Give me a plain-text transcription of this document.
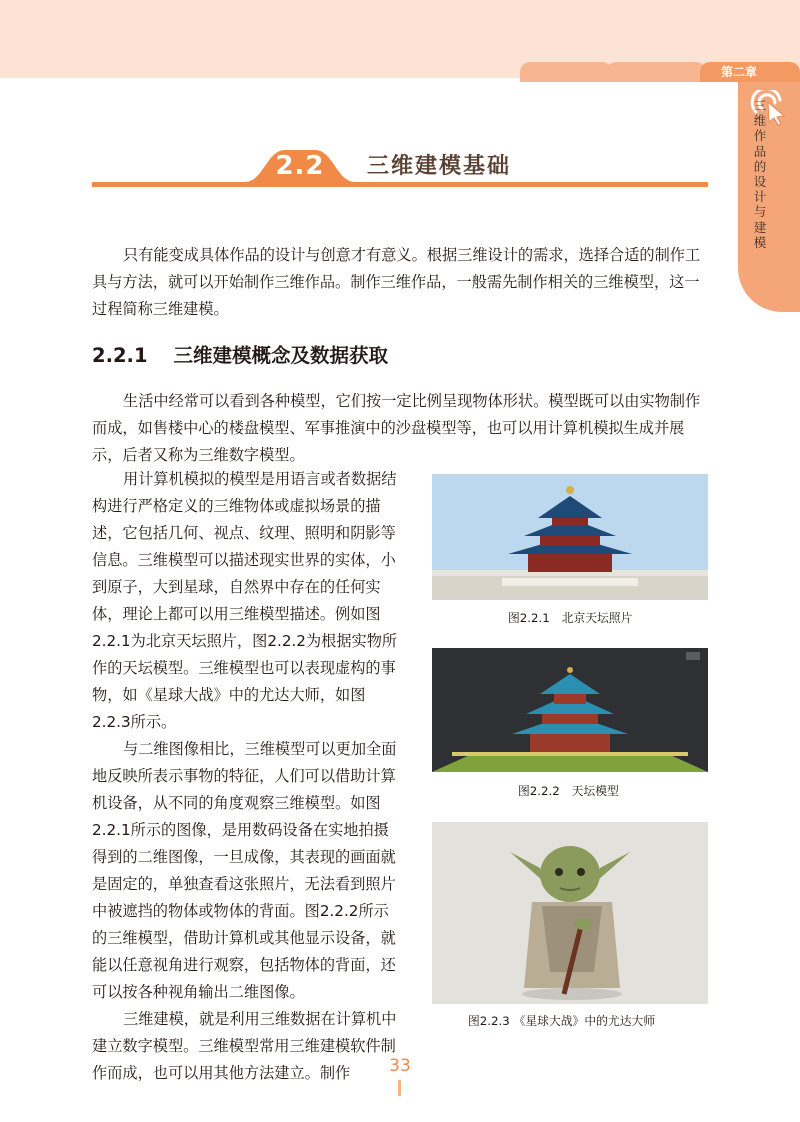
第二章
三维作品的设计与建模
2.2 三维建模基础

只有能变成具体作品的设计与创意才有意义。根据三维设计的需求，选择合适的制作工具与方法，就可以开始制作三维作品。制作三维作品，一般需先制作相关的三维模型，这一过程简称三维建模。

2.2.1 三维建模概念及数据获取

生活中经常可以看到各种模型，它们按一定比例呈现物体形状。模型既可以由实物制作而成，如售楼中心的楼盘模型、军事推演中的沙盘模型等，也可以用计算机模拟生成并展示，后者又称为三维数字模型。

用计算机模拟的模型是用语言或者数据结构进行严格定义的三维物体或虚拟场景的描述，它包括几何、视点、纹理、照明和阴影等信息。三维模型可以描述现实世界的实体，小到原子，大到星球，自然界中存在的任何实体，理论上都可以用三维模型描述。例如图2.2.1为北京天坛照片，图2.2.2为根据实物所作的天坛模型。三维模型也可以表现虚构的事物，如《星球大战》中的尤达大师，如图2.2.3所示。

与二维图像相比，三维模型可以更加全面地反映所表示事物的特征，人们可以借助计算机设备，从不同的角度观察三维模型。如图2.2.1所示的图像，是用数码设备在实地拍摄得到的二维图像，一旦成像，其表现的画面就是固定的，单独查看这张照片，无法看到照片中被遮挡的物体或物体的背面。图2.2.2所示的三维模型，借助计算机或其他显示设备，就能以任意视角进行观察，包括物体的背面，还可以按各种视角输出二维图像。

三维建模，就是利用三维数据在计算机中建立数字模型。三维模型常用三维建模软件制作而成，也可以用其他方法建立。制作

图2.2.1　北京天坛照片
图2.2.2　天坛模型
图2.2.3 《星球大战》中的尤达大师
33
